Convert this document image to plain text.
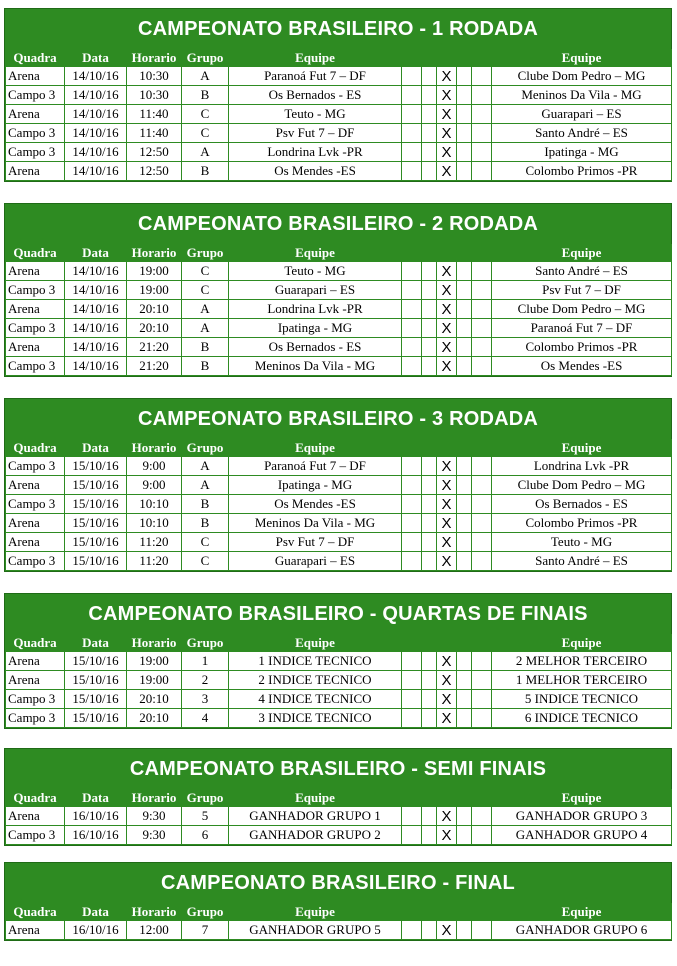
CAMPEONATO BRASILEIRO - 1 RODADA
Quadra	Data	Horario	Grupo	Equipe						Equipe
Arena	14/10/16	10:30	A	Paranoá Fut 7 – DF			X			Clube Dom Pedro – MG
Campo 3	14/10/16	10:30	B	Os Bernados - ES			X			Meninos Da Vila - MG
Arena	14/10/16	11:40	C	Teuto - MG			X			Guarapari – ES
Campo 3	14/10/16	11:40	C	Psv Fut 7 – DF			X			Santo André – ES
Campo 3	14/10/16	12:50	A	Londrina Lvk -PR			X			Ipatinga - MG
Arena	14/10/16	12:50	B	Os Mendes -ES			X			Colombo Primos -PR
CAMPEONATO BRASILEIRO - 2 RODADA
Quadra	Data	Horario	Grupo	Equipe						Equipe
Arena	14/10/16	19:00	C	Teuto - MG			X			Santo André – ES
Campo 3	14/10/16	19:00	C	Guarapari – ES			X			Psv Fut 7 – DF
Arena	14/10/16	20:10	A	Londrina Lvk -PR			X			Clube Dom Pedro – MG
Campo 3	14/10/16	20:10	A	Ipatinga - MG			X			Paranoá Fut 7 – DF
Arena	14/10/16	21:20	B	Os Bernados - ES			X			Colombo Primos -PR
Campo 3	14/10/16	21:20	B	Meninos Da Vila - MG			X			Os Mendes -ES
CAMPEONATO BRASILEIRO - 3 RODADA
Quadra	Data	Horario	Grupo	Equipe						Equipe
Campo 3	15/10/16	9:00	A	Paranoá Fut 7 – DF			X			Londrina Lvk -PR
Arena	15/10/16	9:00	A	Ipatinga - MG			X			Clube Dom Pedro – MG
Campo 3	15/10/16	10:10	B	Os Mendes -ES			X			Os Bernados - ES
Arena	15/10/16	10:10	B	Meninos Da Vila - MG			X			Colombo Primos -PR
Arena	15/10/16	11:20	C	Psv Fut 7 – DF			X			Teuto - MG
Campo 3	15/10/16	11:20	C	Guarapari – ES			X			Santo André – ES
CAMPEONATO BRASILEIRO - QUARTAS DE FINAIS
Quadra	Data	Horario	Grupo	Equipe						Equipe
Arena	15/10/16	19:00	1	1 INDICE TECNICO			X			2 MELHOR TERCEIRO
Arena	15/10/16	19:00	2	2 INDICE TECNICO			X			1 MELHOR TERCEIRO
Campo 3	15/10/16	20:10	3	4 INDICE TECNICO			X			5 INDICE TECNICO
Campo 3	15/10/16	20:10	4	3 INDICE TECNICO			X			6 INDICE TECNICO
CAMPEONATO BRASILEIRO - SEMI FINAIS
Quadra	Data	Horario	Grupo	Equipe						Equipe
Arena	16/10/16	9:30	5	GANHADOR GRUPO 1			X			GANHADOR GRUPO 3
Campo 3	16/10/16	9:30	6	GANHADOR GRUPO 2			X			GANHADOR GRUPO 4
CAMPEONATO BRASILEIRO - FINAL
Quadra	Data	Horario	Grupo	Equipe						Equipe
Arena	16/10/16	12:00	7	GANHADOR GRUPO 5			X			GANHADOR GRUPO 6
